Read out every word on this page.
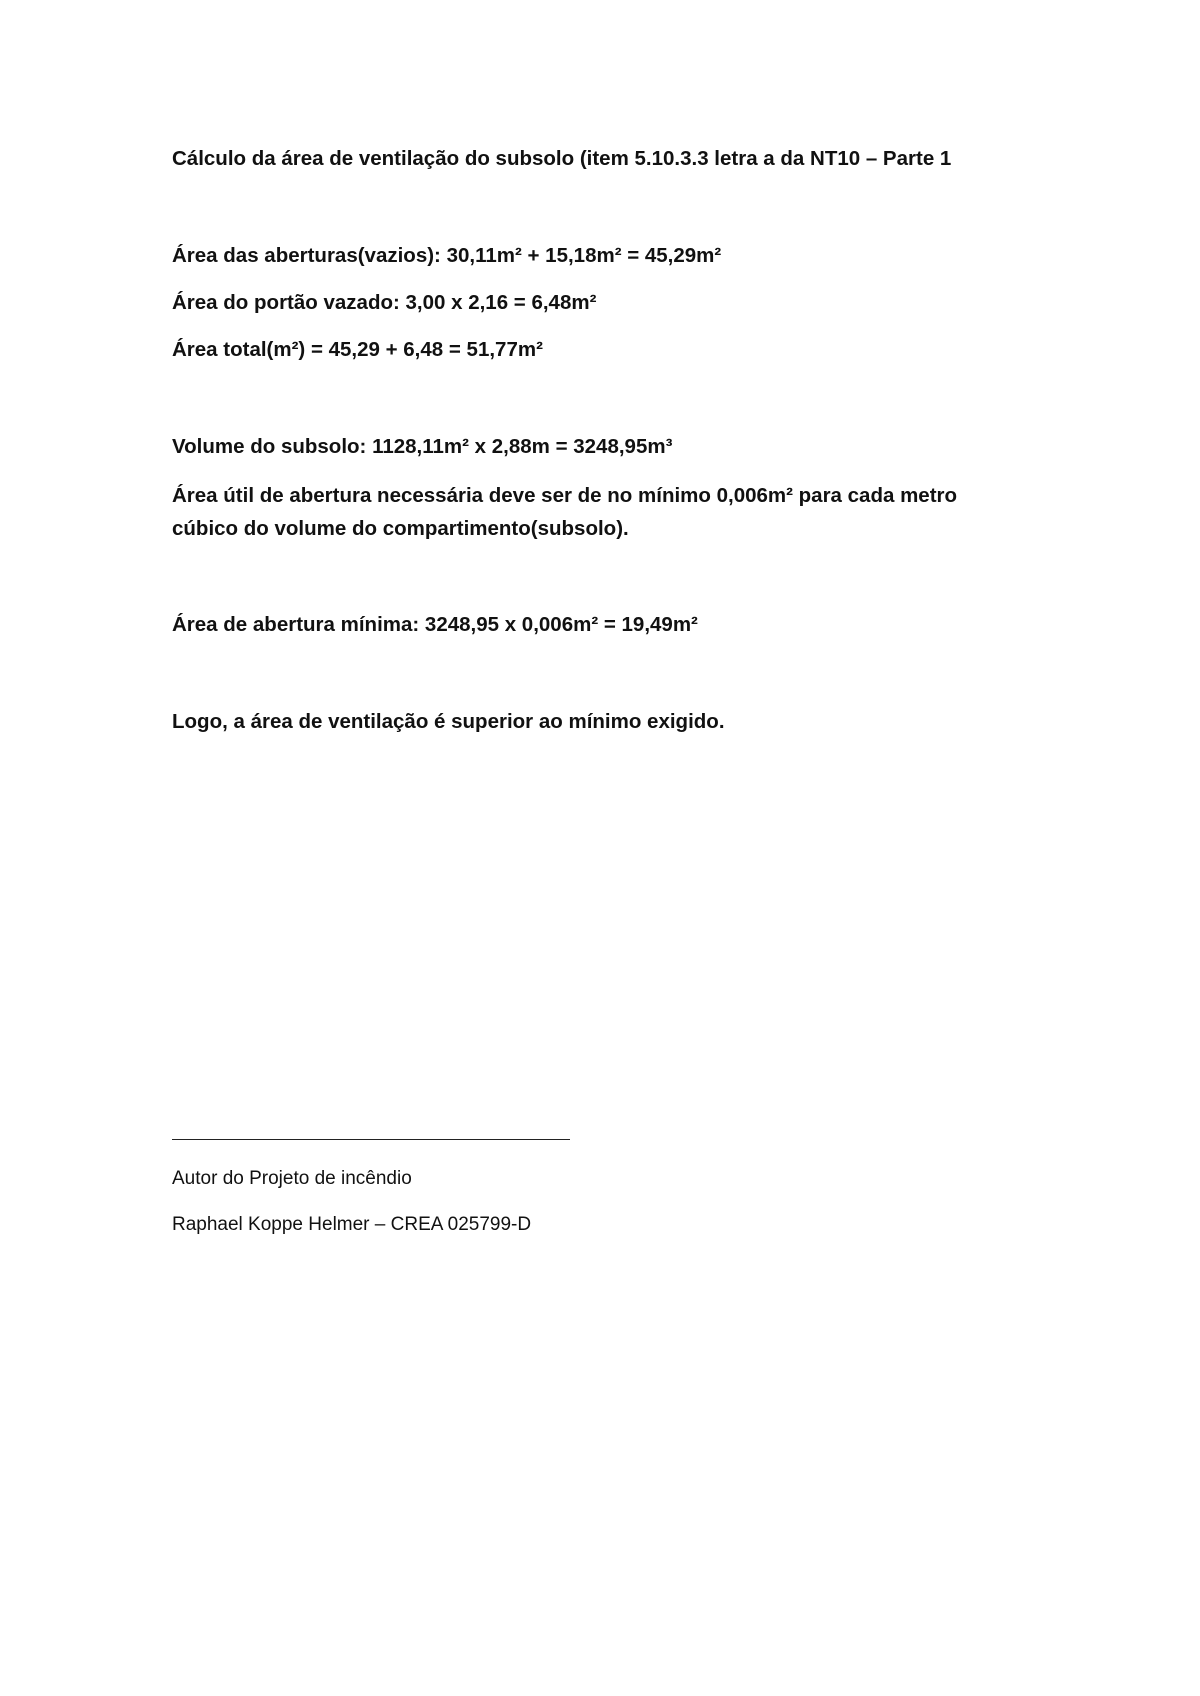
Cálculo da área de ventilação do subsolo (item 5.10.3.3 letra a da NT10 – Parte 1
Área das aberturas(vazios): 30,11m² + 15,18m² = 45,29m²
Área do portão vazado: 3,00 x 2,16 = 6,48m²
Área total(m²) = 45,29 + 6,48 = 51,77m²
Volume do subsolo: 1128,11m² x 2,88m = 3248,95m³
Área útil de abertura necessária deve ser de no mínimo 0,006m² para cada metro
cúbico do volume do compartimento(subsolo).
Área de abertura mínima: 3248,95 x 0,006m² = 19,49m²
Logo, a área de ventilação é superior ao mínimo exigido.
Autor do Projeto de incêndio
Raphael Koppe Helmer – CREA 025799-D
